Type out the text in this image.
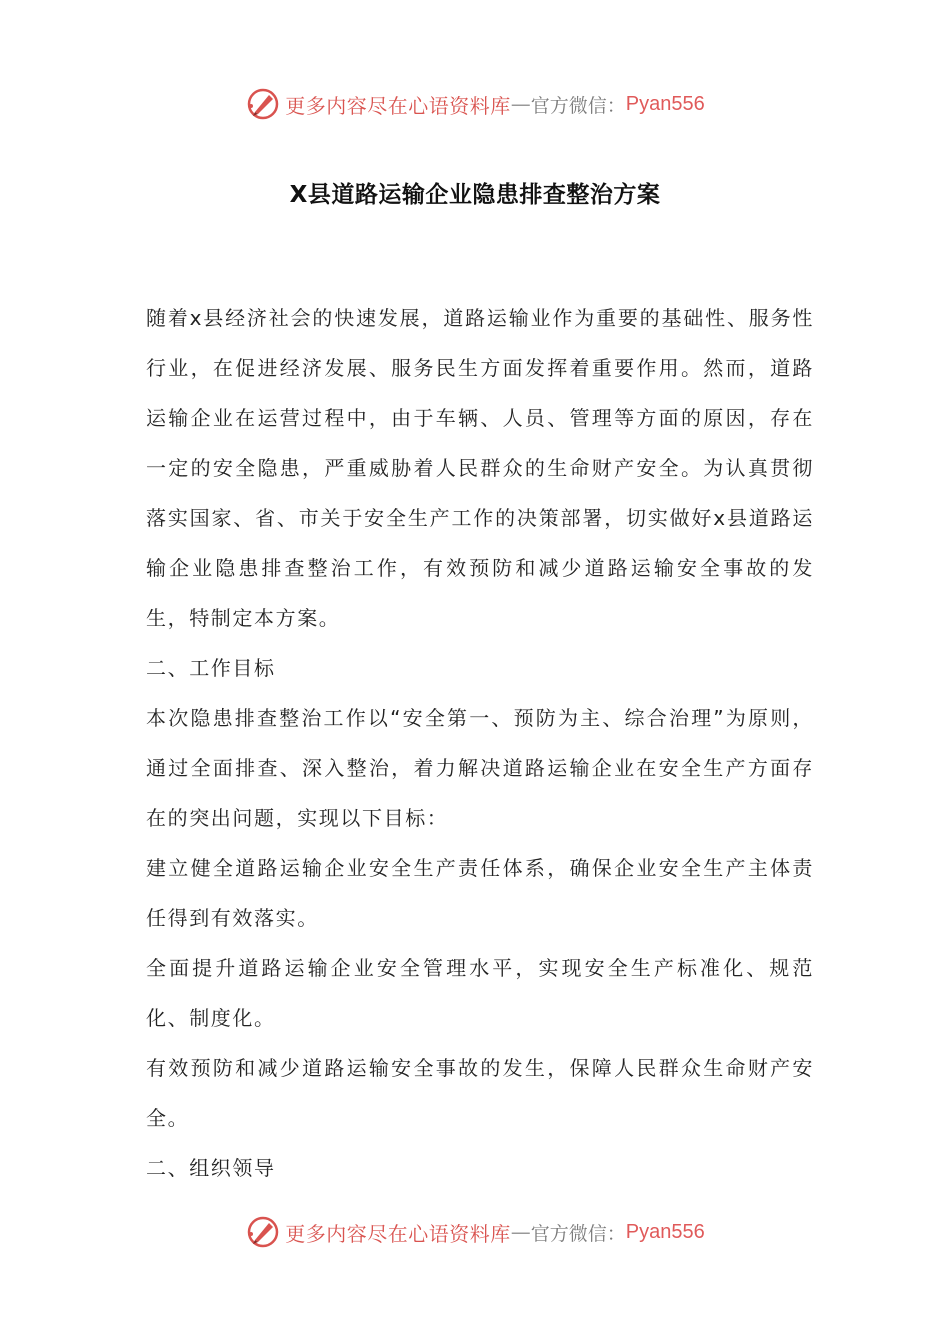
更多内容尽在心语资料库 — 官方微信： Pyan556
X县道路运输企业隐患排查整治方案

随着x县经济社会的快速发展，道路运输业作为重要的基础性、服务性行业，在促进经济发展、服务民生方面发挥着重要作用。然而，道路运输企业在运营过程中，由于车辆、人员、管理等方面的原因，存在一定的安全隐患，严重威胁着人民群众的生命财产安全。为认真贯彻落实国家、省、市关于安全生产工作的决策部署，切实做好x县道路运输企业隐患排查整治工作，有效预防和减少道路运输安全事故的发生，特制定本方案。

二、工作目标

本次隐患排查整治工作以“安全第一、预防为主、综合治理”为原则，通过全面排查、深入整治，着力解决道路运输企业在安全生产方面存在的突出问题，实现以下目标：

建立健全道路运输企业安全生产责任体系，确保企业安全生产主体责任得到有效落实。

全面提升道路运输企业安全管理水平，实现安全生产标准化、规范化、制度化。

有效预防和减少道路运输安全事故的发生，保障人民群众生命财产安全。

二、组织领导

更多内容尽在心语资料库 — 官方微信： Pyan556
